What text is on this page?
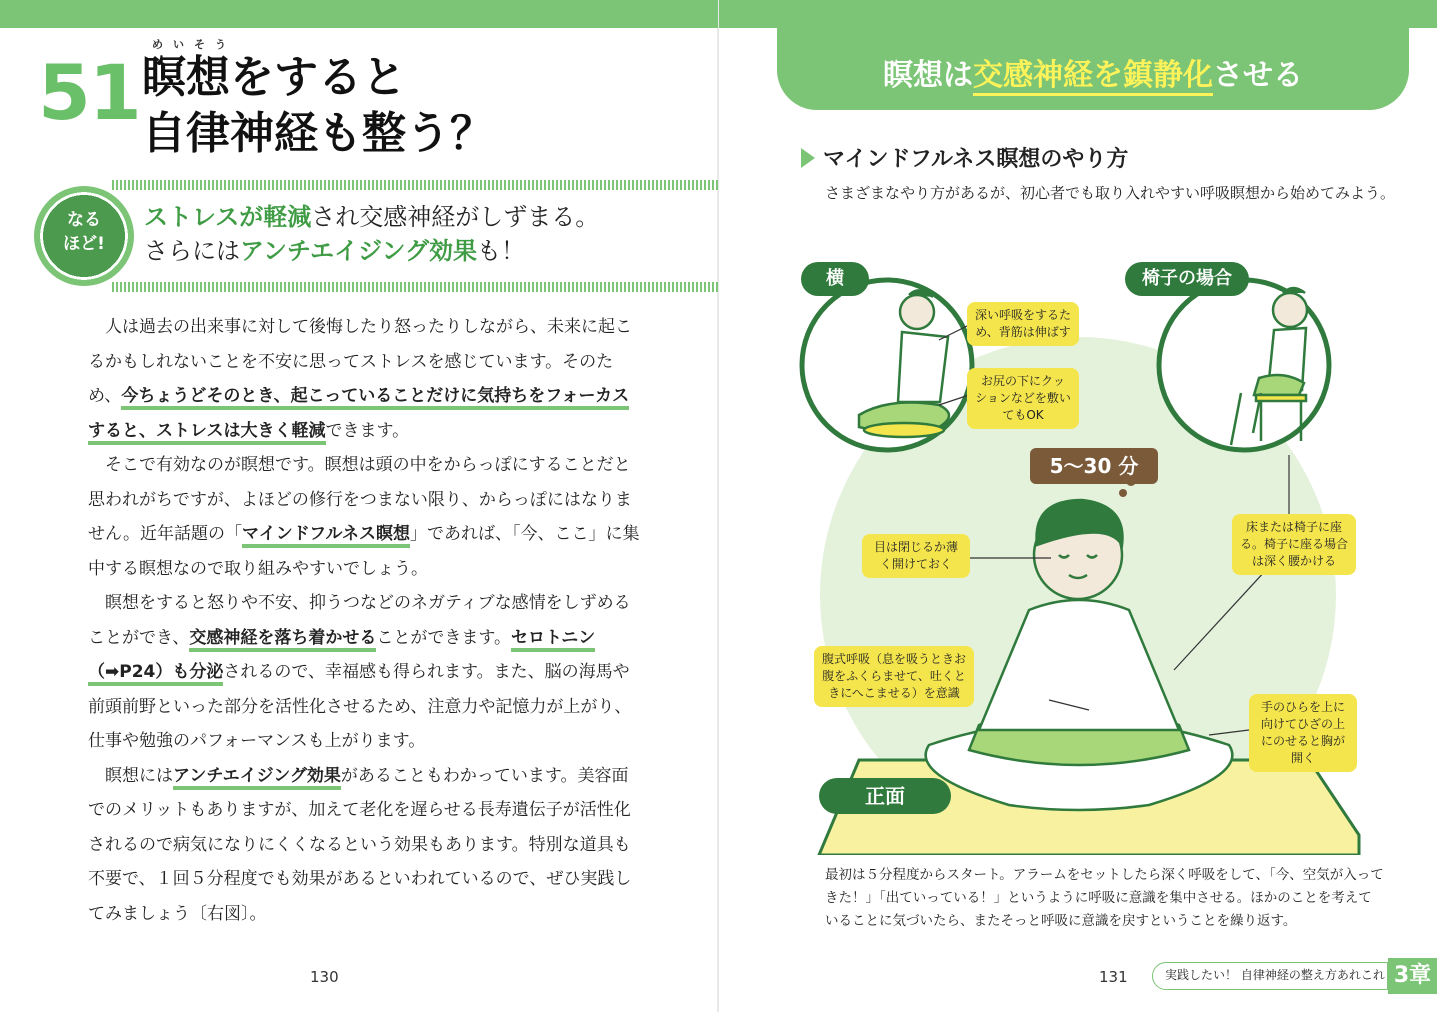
51
めいそう
瞑想をすると
自律神経も整う？
なる
ほど!
ストレスが軽減され交感神経がしずまる。
さらにはアンチエイジング効果も！

人は過去の出来事に対して後悔したり怒ったりしながら、未来に起こるかもしれないことを不安に思ってストレスを感じています。そのため、今ちょうどそのとき、起こっていることだけに気持ちをフォーカスすると、ストレスは大きく軽減できます。

そこで有効なのが瞑想です。瞑想は頭の中をからっぽにすることだと思われがちですが、よほどの修行をつまない限り、からっぽにはなりません。近年話題の「マインドフルネス瞑想」であれば、「今、ここ」に集中する瞑想なので取り組みやすいでしょう。

瞑想をすると怒りや不安、抑うつなどのネガティブな感情をしずめることができ、交感神経を落ち着かせることができます。セロトニン（➡P24）も分泌されるので、幸福感も得られます。また、脳の海馬や前頭前野といった部分を活性化させるため、注意力や記憶力が上がり、仕事や勉強のパフォーマンスも上がります。

瞑想にはアンチエイジング効果があることもわかっています。美容面でのメリットもありますが、加えて老化を遅らせる長寿遺伝子が活性化されるので病気になりにくくなるという効果もあります。特別な道具も不要で、１回５分程度でも効果があるといわれているので、ぜひ実践してみましょう〔右図〕。

130
瞑想は交感神経を鎮静化させる
マインドフルネス瞑想のやり方
さまざまなやり方があるが、初心者でも取り入れやすい呼吸瞑想から始めてみよう。
横	椅子の場合
正面
5〜30 分
深い呼吸をするため、背筋は伸ばす
お尻の下にクッションなどを敷いてもOK
目は閉じるか薄く開けておく
床または椅子に座る。椅子に座る場合は深く腰かける
腹式呼吸（息を吸うときお腹をふくらませて、吐くときにへこませる）を意識
手のひらを上に向けてひざの上にのせると胸が開く
最初は５分程度からスタート。アラームをセットしたら深く呼吸をして、「今、空気が入ってきた！」「出ていっている！」というように呼吸に意識を集中させる。ほかのことを考えていることに気づいたら、またそっと呼吸に意識を戻すということを繰り返す。
131	実践したい！ 自律神経の整え方あれこれ 3章
